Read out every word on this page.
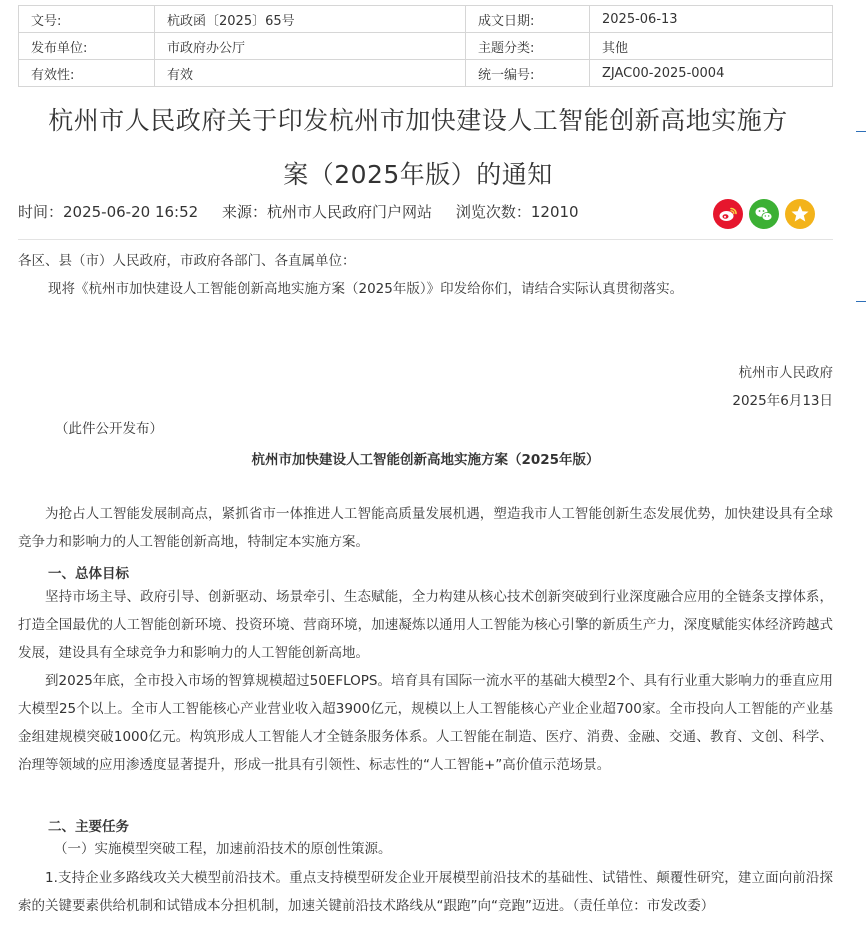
文号:	杭政函〔2025〕65号	成文日期:	2025-06-13
发布单位:	市政府办公厅	主题分类:	其他
有效性:	有效	统一编号:	ZJAC00-2025-0004
杭州市人民政府关于印发杭州市加快建设人工智能创新高地实施方
案（2025年版）的通知
时间：2025-06-20 16:52 来源：杭州市人民政府门户网站 浏览次数：12010

各区、县（市）人民政府，市政府各部门、各直属单位：

现将《杭州市加快建设人工智能创新高地实施方案（2025年版）》印发给你们，请结合实际认真贯彻落实。

杭州市人民政府

2025年6月13日

（此件公开发布）

杭州市加快建设人工智能创新高地实施方案（2025年版）

为抢占人工智能发展制高点，紧抓省市一体推进人工智能高质量发展机遇，塑造我市人工智能创新生态发展优势，加快建设具有全球竞争力和影响力的人工智能创新高地，特制定本实施方案。

一、总体目标

坚持市场主导、政府引导、创新驱动、场景牵引、生态赋能，全力构建从核心技术创新突破到行业深度融合应用的全链条支撑体系，打造全国最优的人工智能创新环境、投资环境、营商环境，加速凝炼以通用人工智能为核心引擎的新质生产力，深度赋能实体经济跨越式发展，建设具有全球竞争力和影响力的人工智能创新高地。

到2025年底，全市投入市场的智算规模超过50EFLOPS。培育具有国际一流水平的基础大模型2个、具有行业重大影响力的垂直应用大模型25个以上。全市人工智能核心产业营业收入超3900亿元，规模以上人工智能核心产业企业超700家。全市投向人工智能的产业基金组建规模突破1000亿元。构筑形成人工智能人才全链条服务体系。人工智能在制造、医疗、消费、金融、交通、教育、文创、科学、治理等领域的应用渗透度显著提升，形成一批具有引领性、标志性的“人工智能+”高价值示范场景。

二、主要任务

（一）实施模型突破工程，加速前沿技术的原创性策源。

1.支持企业多路线攻关大模型前沿技术。重点支持模型研发企业开展模型前沿技术的基础性、试错性、颠覆性研究，建立面向前沿探索的关键要素供给机制和试错成本分担机制，加速关键前沿技术路线从“跟跑”向“竞跑”迈进。（责任单位：市发改委）
